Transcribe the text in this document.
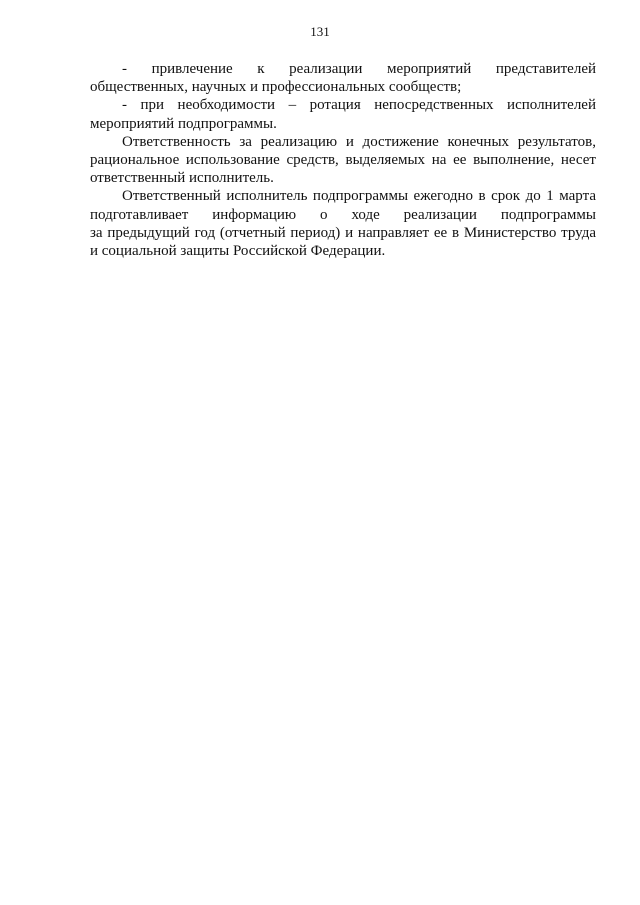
131
- привлечение к реализации мероприятий представителей
общественных, научных и профессиональных сообществ;
- при необходимости – ротация непосредственных исполнителей
мероприятий подпрограммы.
Ответственность за реализацию и достижение конечных результатов,
рациональное использование средств, выделяемых на ее выполнение, несет
ответственный исполнитель.
Ответственный исполнитель подпрограммы ежегодно в срок до 1 марта
подготавливает информацию о ходе реализации подпрограммы
за предыдущий год (отчетный период) и направляет ее в Министерство труда
и социальной защиты Российской Федерации.
